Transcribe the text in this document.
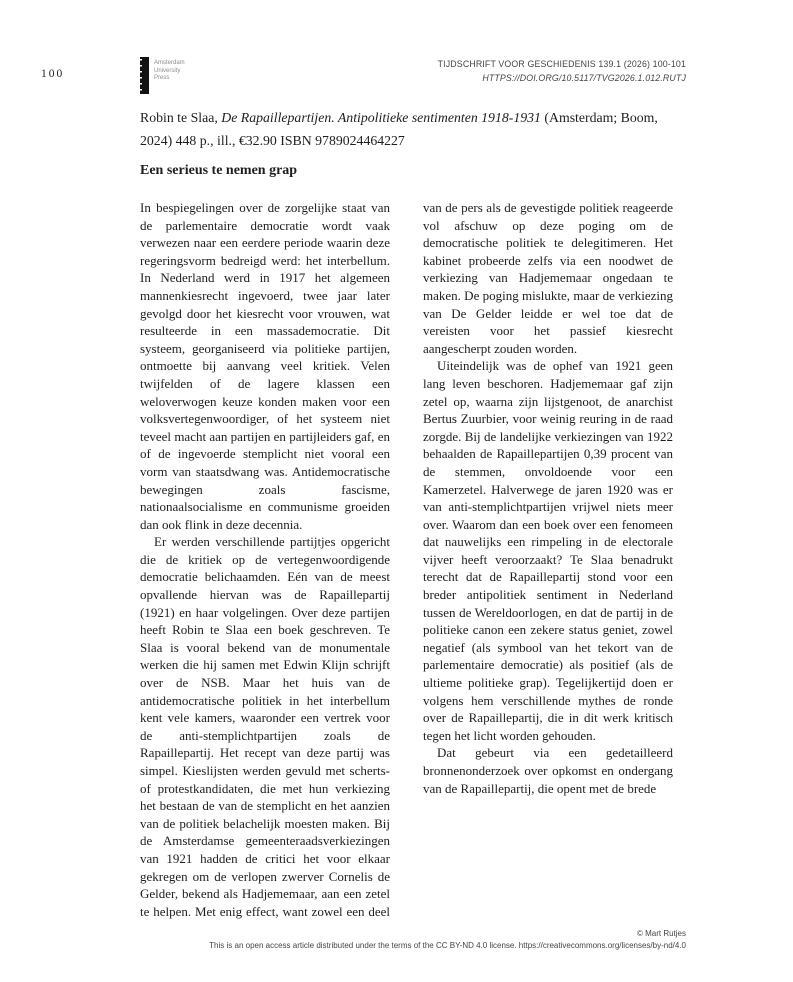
100
Amsterdam
University
Press
TIJDSCHRIFT VOOR GESCHIEDENIS 139.1 (2026) 100-101
HTTPS://DOI.ORG/10.5117/TVG2026.1.012.RUTJ
Robin te Slaa, De Rapaillepartijen. Antipolitieke sentimenten 1918-1931 (Amsterdam; Boom, 2024) 448 p., ill., €32.90 ISBN 9789024464227
Een serieus te nemen grap

In bespiegelingen over de zorgelijke staat van de parlementaire democratie wordt vaak verwezen naar een eerdere periode waarin deze regeringsvorm bedreigd werd: het interbellum. In Nederland werd in 1917 het algemeen mannenkiesrecht ingevoerd, twee jaar later gevolgd door het kiesrecht voor vrouwen, wat resulteerde in een massademocratie. Dit systeem, georganiseerd via politieke partijen, ontmoette bij aanvang veel kritiek. Velen twijfelden of de lagere klassen een weloverwogen keuze konden maken voor een volksvertegenwoordiger, of het systeem niet teveel macht aan partijen en partijleiders gaf, en of de ingevoerde stemplicht niet vooral een vorm van staatsdwang was. Antidemocratische bewegingen zoals fascisme, nationaalsocialisme en communisme groeiden dan ook flink in deze decennia.

Er werden verschillende partijtjes opgericht die de kritiek op de vertegenwoordigende democratie belichaamden. Eén van de meest opvallende hiervan was de Rapaillepartij (1921) en haar volgelingen. Over deze partijen heeft Robin te Slaa een boek geschreven. Te Slaa is vooral bekend van de monumentale werken die hij samen met Edwin Klijn schrijft over de NSB. Maar het huis van de antidemocratische politiek in het interbellum kent vele kamers, waaronder een vertrek voor de anti-stemplichtpartijen zoals de Rapaillepartij. Het recept van deze partij was simpel. Kieslijsten werden gevuld met scherts- of protestkandidaten, die met hun verkiezing het bestaan de van de stemplicht en het aanzien van de politiek belachelijk moesten maken. Bij de Amsterdamse gemeenteraadsverkiezingen van 1921 hadden de critici het voor elkaar gekregen om de verlopen zwerver Cornelis de Gelder, bekend als Hadjememaar, aan een zetel te helpen. Met enig effect, want zowel een deel van de pers als de gevestigde politiek reageerde vol afschuw op deze poging om de democratische politiek te delegitimeren. Het kabinet probeerde zelfs via een noodwet de verkiezing van Hadjememaar ongedaan te maken. De poging mislukte, maar de verkiezing van De Gelder leidde er wel toe dat de vereisten voor het passief kiesrecht aangescherpt zouden worden.

Uiteindelijk was de ophef van 1921 geen lang leven beschoren. Hadjememaar gaf zijn zetel op, waarna zijn lijstgenoot, de anarchist Bertus Zuurbier, voor weinig reuring in de raad zorgde. Bij de landelijke verkiezingen van 1922 behaalden de Rapaillepartijen 0,39 procent van de stemmen, onvoldoende voor een Kamerzetel. Halverwege de jaren 1920 was er van anti-stemplichtpartijen vrijwel niets meer over. Waarom dan een boek over een fenomeen dat nauwelijks een rimpeling in de electorale vijver heeft veroorzaakt? Te Slaa benadrukt terecht dat de Rapaillepartij stond voor een breder antipolitiek sentiment in Nederland tussen de Wereldoorlogen, en dat de partij in de politieke canon een zekere status geniet, zowel negatief (als symbool van het tekort van de parlementaire democratie) als positief (als de ultieme politieke grap). Tegelijkertijd doen er volgens hem verschillende mythes de ronde over de Rapaillepartij, die in dit werk kritisch tegen het licht worden gehouden.

Dat gebeurt via een gedetailleerd bronnenonderzoek over opkomst en ondergang van de Rapaillepartij, die opent met de brede

© Mart Rutjes
This is an open access article distributed under the terms of the CC BY-ND 4.0 license. https://creativecommons.org/licenses/by-nd/4.0
